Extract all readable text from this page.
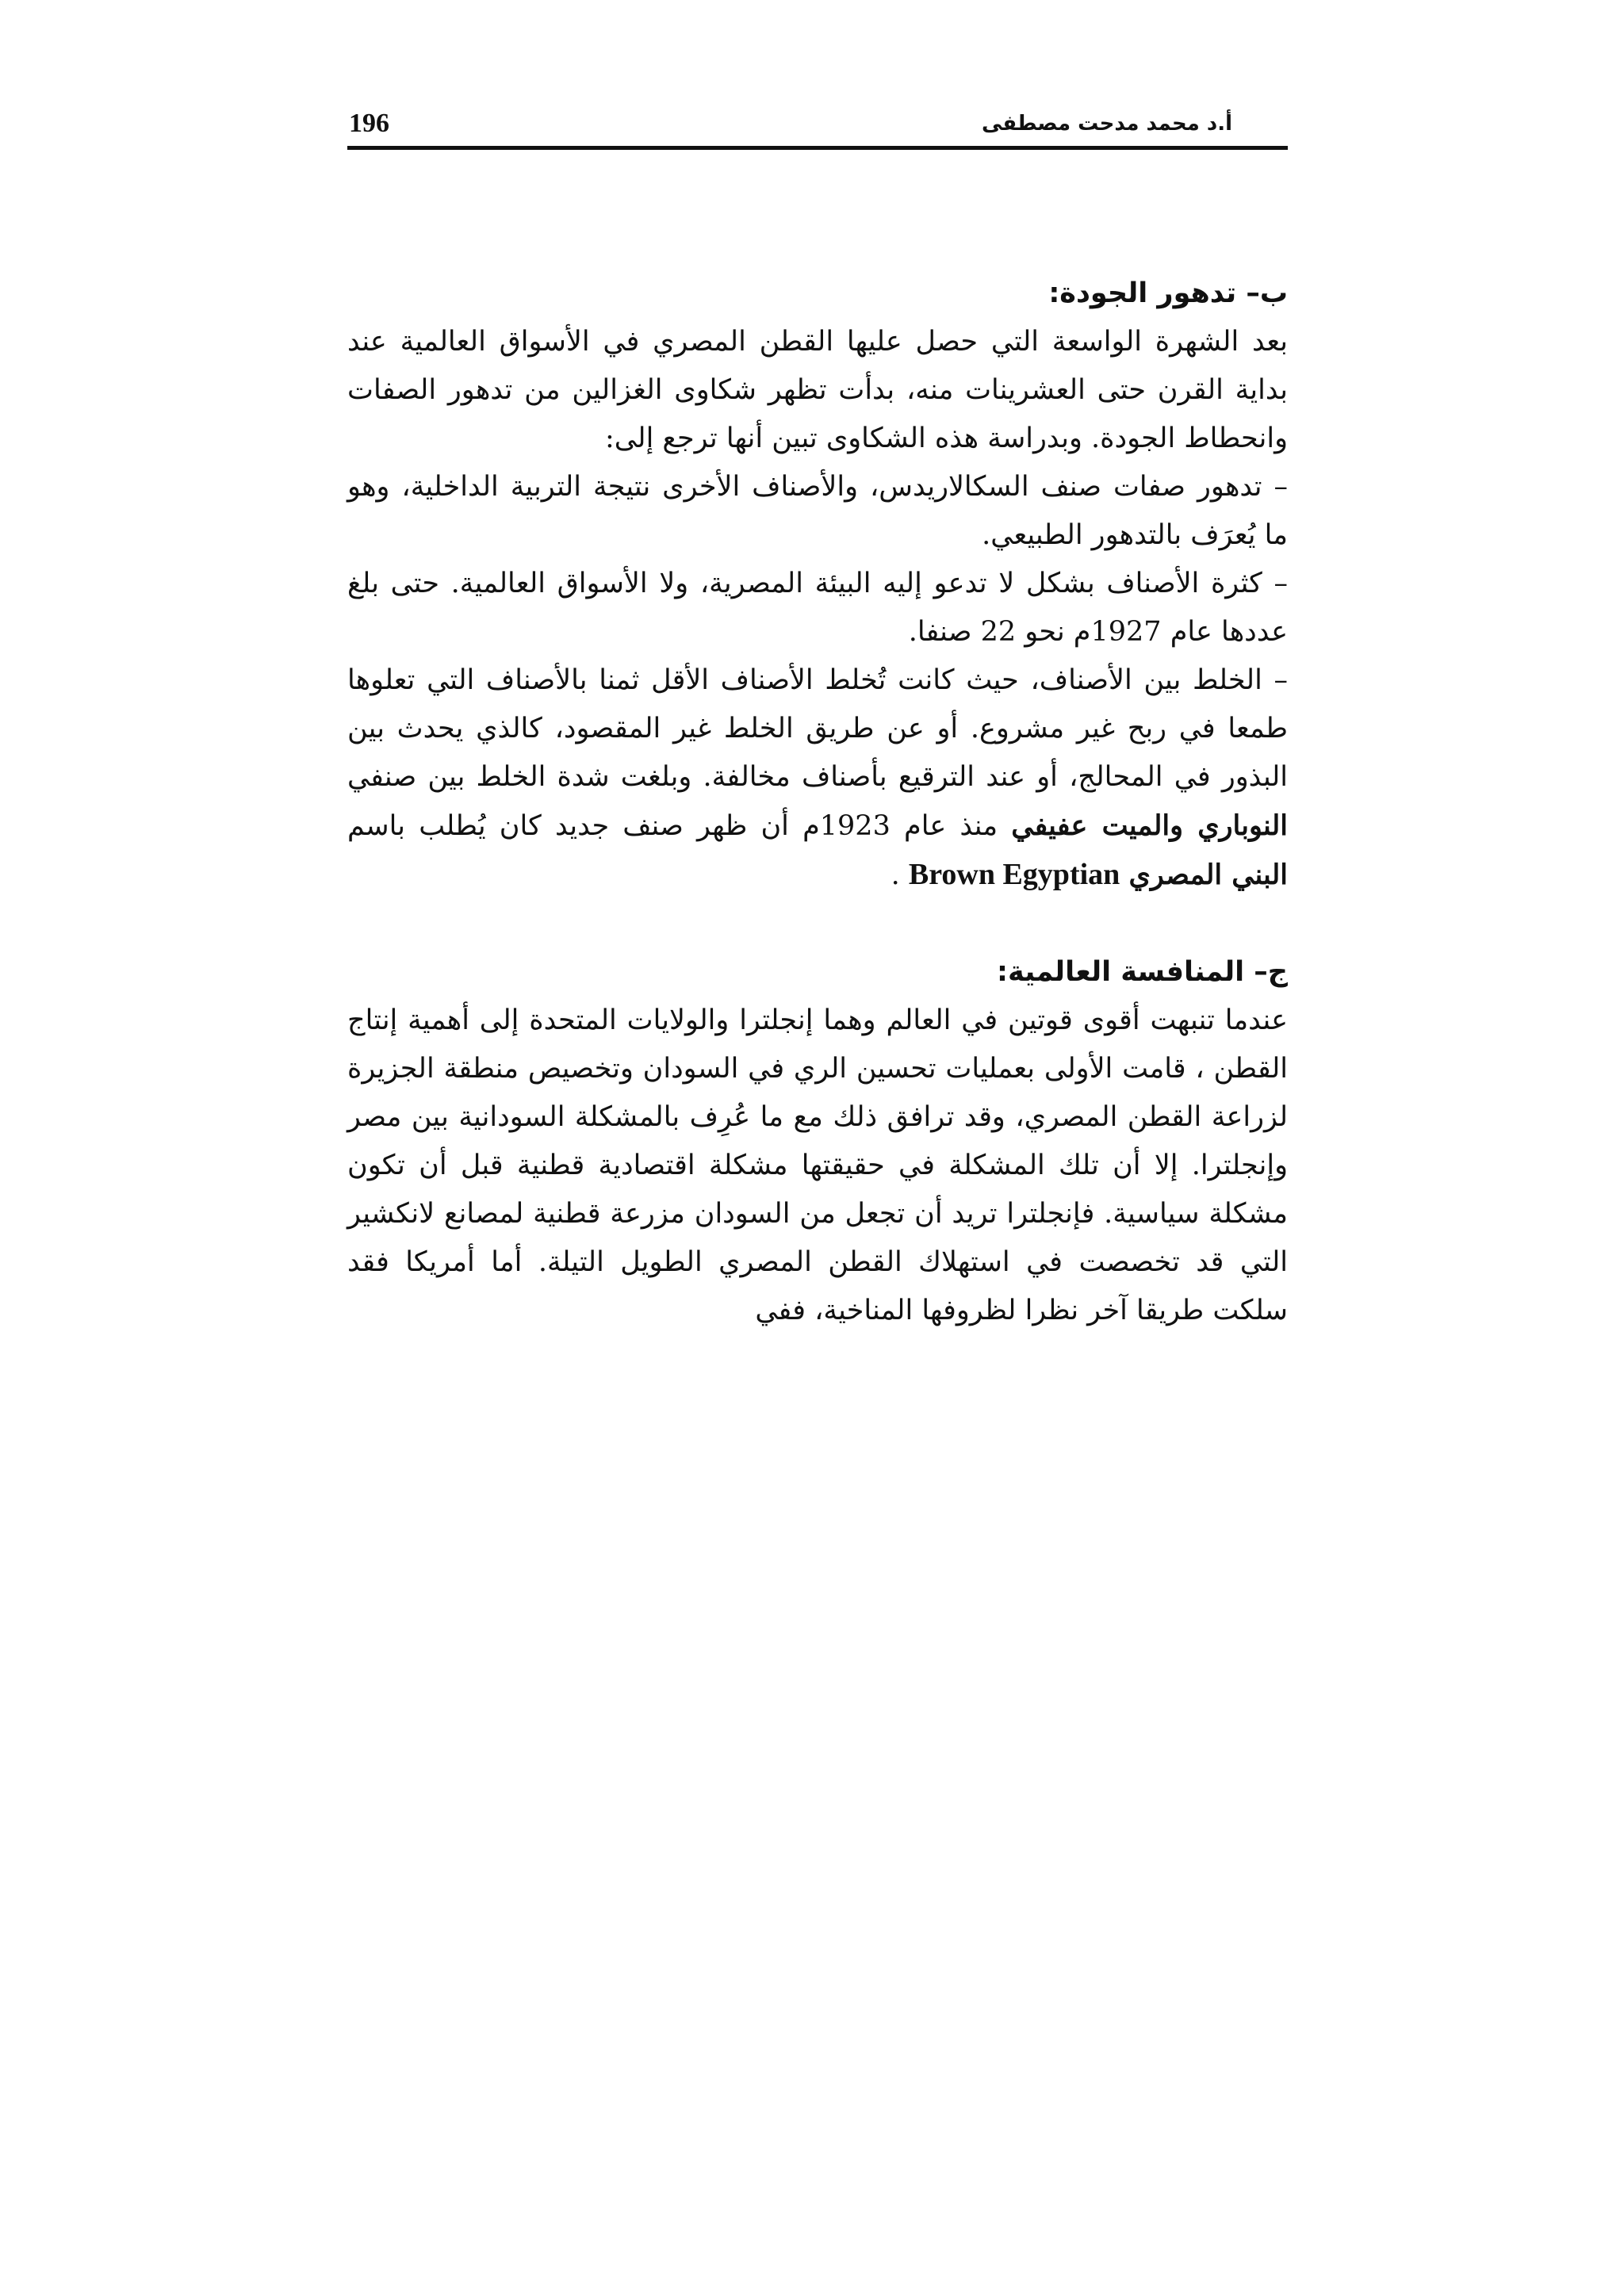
196	أ.د محمد مدحت مصطفى

ب– تدهور الجودة:

بعد الشهرة الواسعة التي حصل عليها القطن المصري في الأسواق العالمية عند بداية القرن حتى العشرينات منه، بدأت تظهر شكاوى الغزالين من تدهور الصفات وانحطاط الجودة. وبدراسة هذه الشكاوى تبين أنها ترجع إلى:

– تدهور صفات صنف السكالاريدس، والأصناف الأخرى نتيجة التربية الداخلية، وهو ما يُعرَف بالتدهور الطبيعي.

– كثرة الأصناف بشكل لا تدعو إليه البيئة المصرية، ولا الأسواق العالمية. حتى بلغ عددها عام 1927م نحو 22 صنفا.

– الخلط بين الأصناف، حيث كانت تُخلط الأصناف الأقل ثمنا بالأصناف التي تعلوها طمعا في ربح غير مشروع. أو عن طريق الخلط غير المقصود، كالذي يحدث بين البذور في المحالج، أو عند الترقيع بأصناف مخالفة. وبلغت شدة الخلط بين صنفي النوباري والميت عفيفي منذ عام 1923م أن ظهر صنف جديد كان يُطلب باسم البني المصري Brown Egyptian .

ج– المنافسة العالمية:

عندما تنبهت أقوى قوتين في العالم وهما إنجلترا والولايات المتحدة إلى أهمية إنتاج القطن ، قامت الأولى بعمليات تحسين الري في السودان وتخصيص منطقة الجزيرة لزراعة القطن المصري، وقد ترافق ذلك مع ما عُرِف بالمشكلة السودانية بين مصر وإنجلترا. إلا أن تلك المشكلة في حقيقتها مشكلة اقتصادية قطنية قبل أن تكون مشكلة سياسية. فإنجلترا تريد أن تجعل من السودان مزرعة قطنية لمصانع لانكشير التي قد تخصصت في استهلاك القطن المصري الطويل التيلة. أما أمريكا فقد سلكت طريقا آخر نظرا لظروفها المناخية، ففي
